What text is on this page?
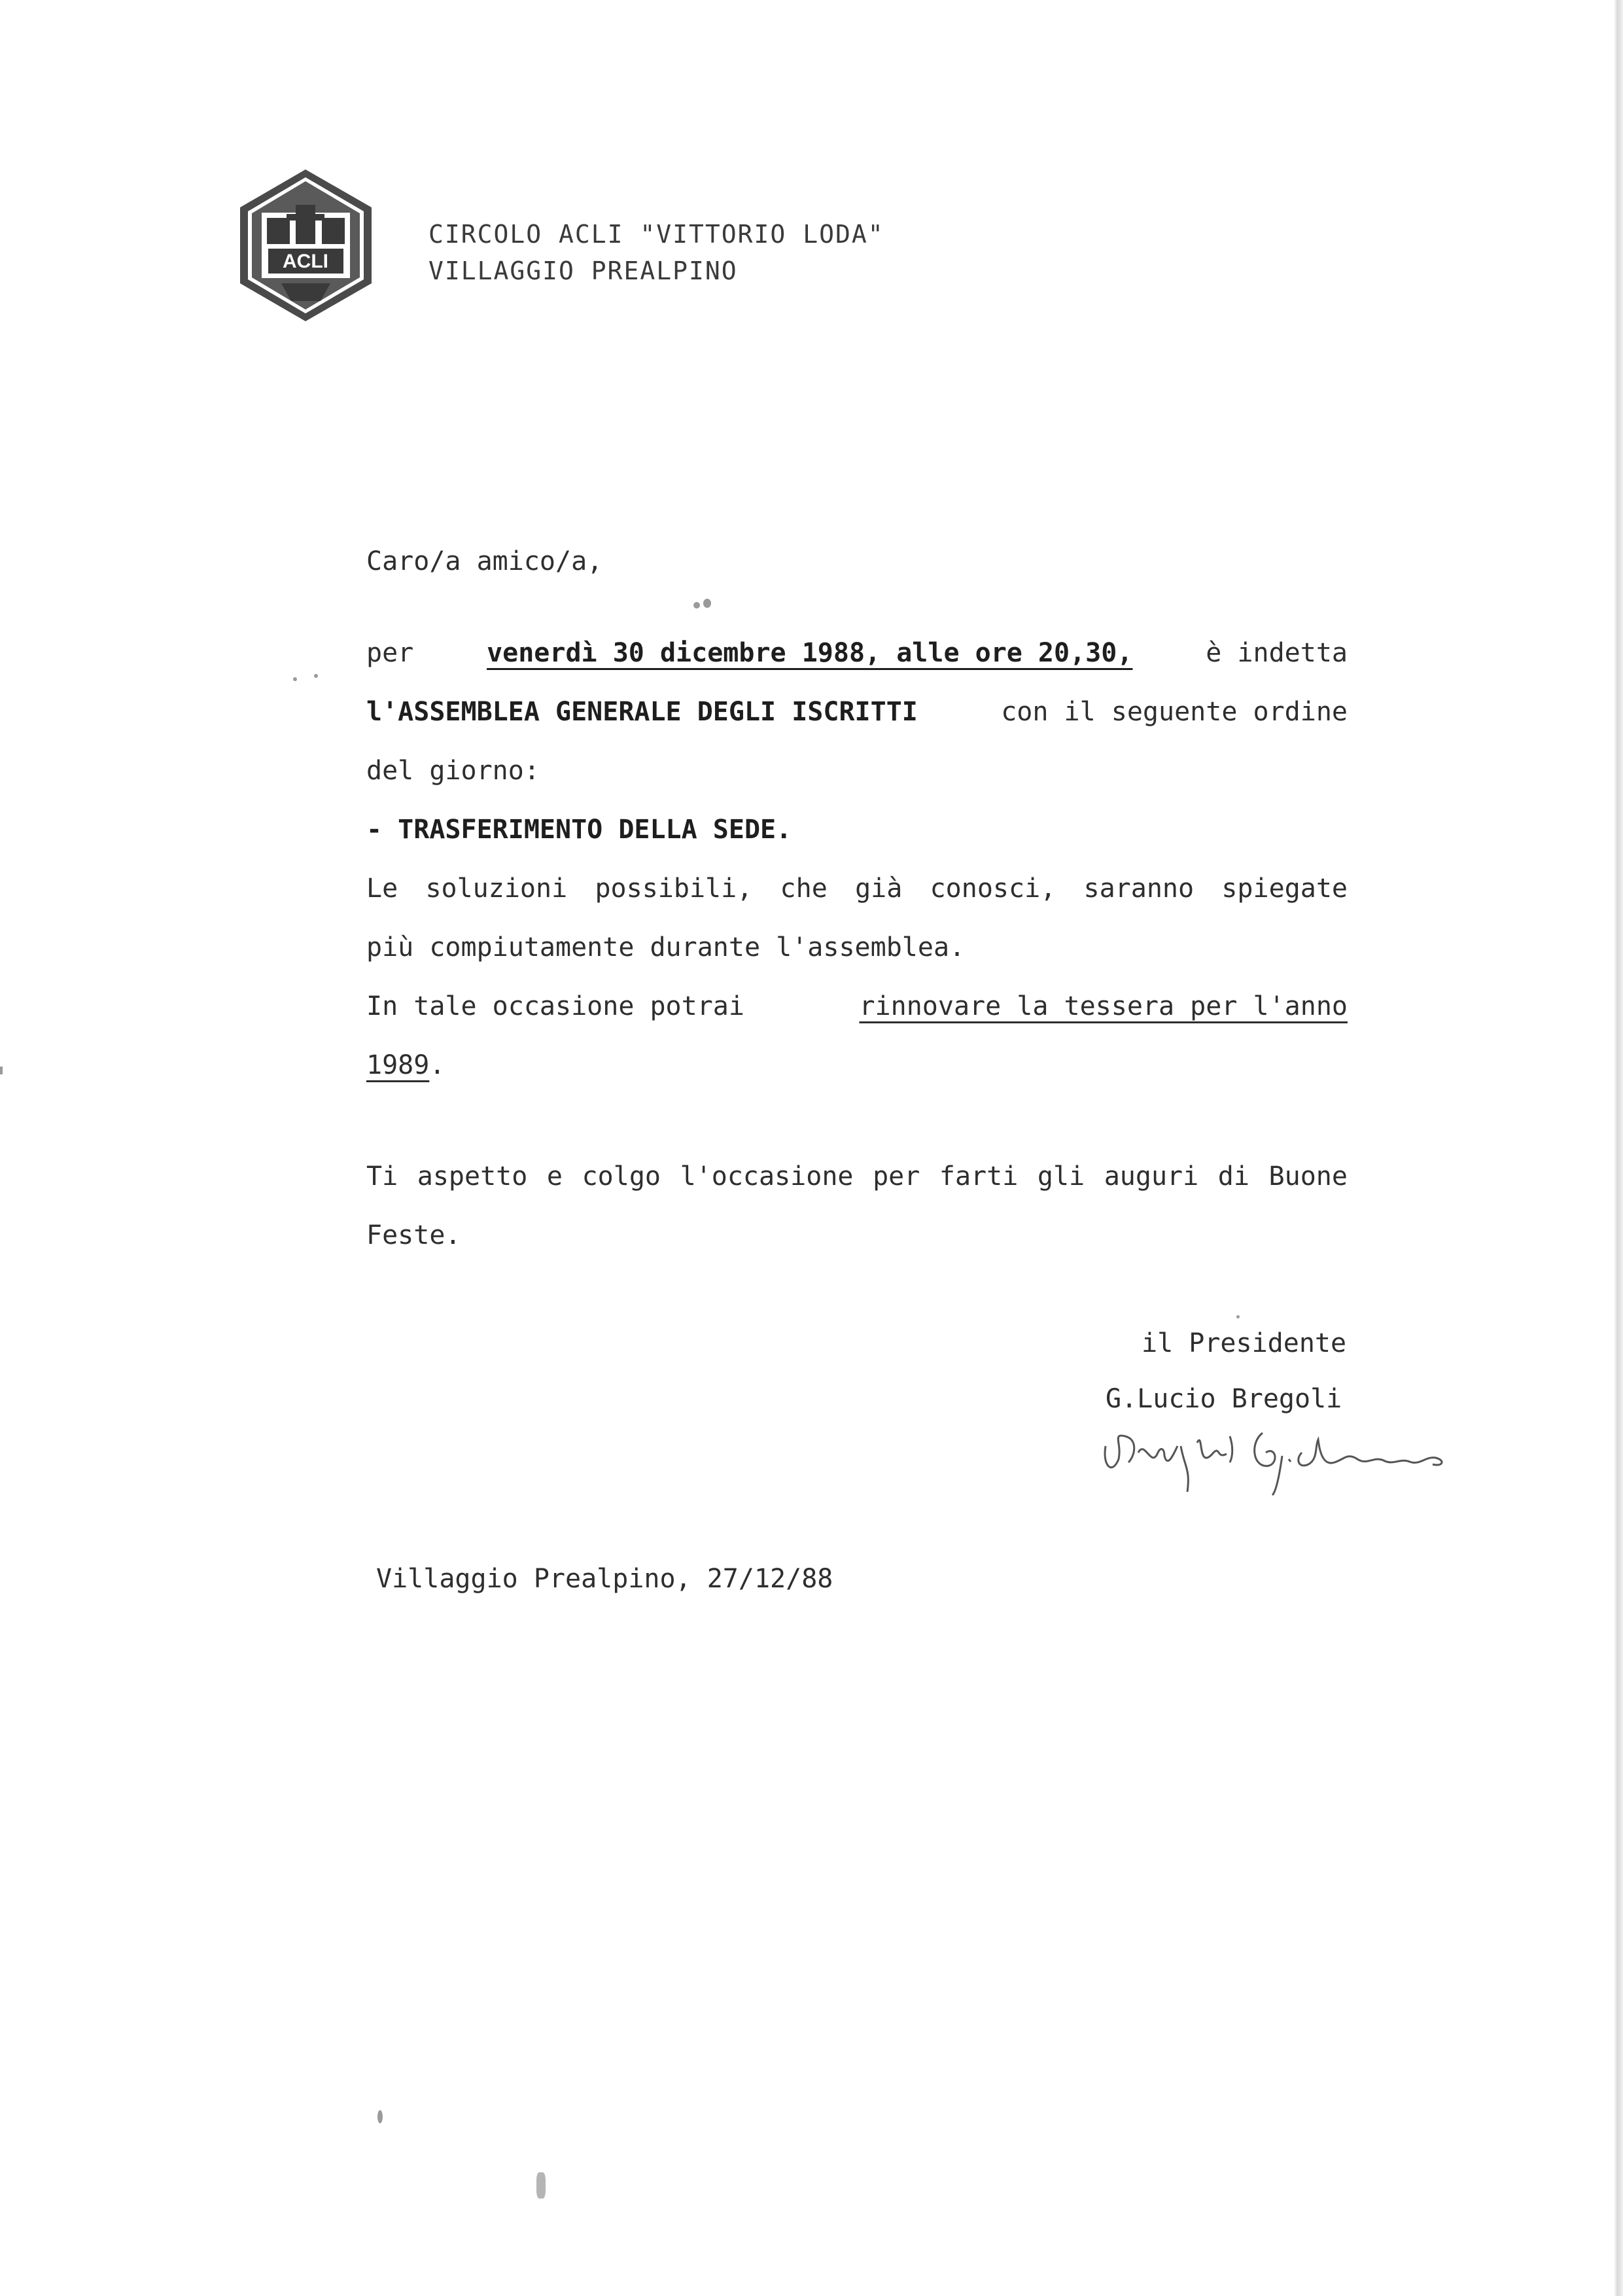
ACLI
CIRCOLO ACLI "VITTORIO LODA"
VILLAGGIO PREALPINO
Caro/a amico/a,
per	venerdì 30 dicembre 1988, alle ore 20,30,	è indetta
l'ASSEMBLEA GENERALE DEGLI ISCRITTI	con il seguente ordine
del giorno:
- TRASFERIMENTO DELLA SEDE.
Le soluzioni possibili, che già conosci, saranno spiegate
più compiutamente durante l'assemblea.
In tale occasione potrai	rinnovare la tessera per l'anno
1989.
Ti aspetto e colgo l'occasione per farti gli auguri di Buone
Feste.
il Presidente
G.Lucio Bregoli
Villaggio Prealpino, 27/12/88
